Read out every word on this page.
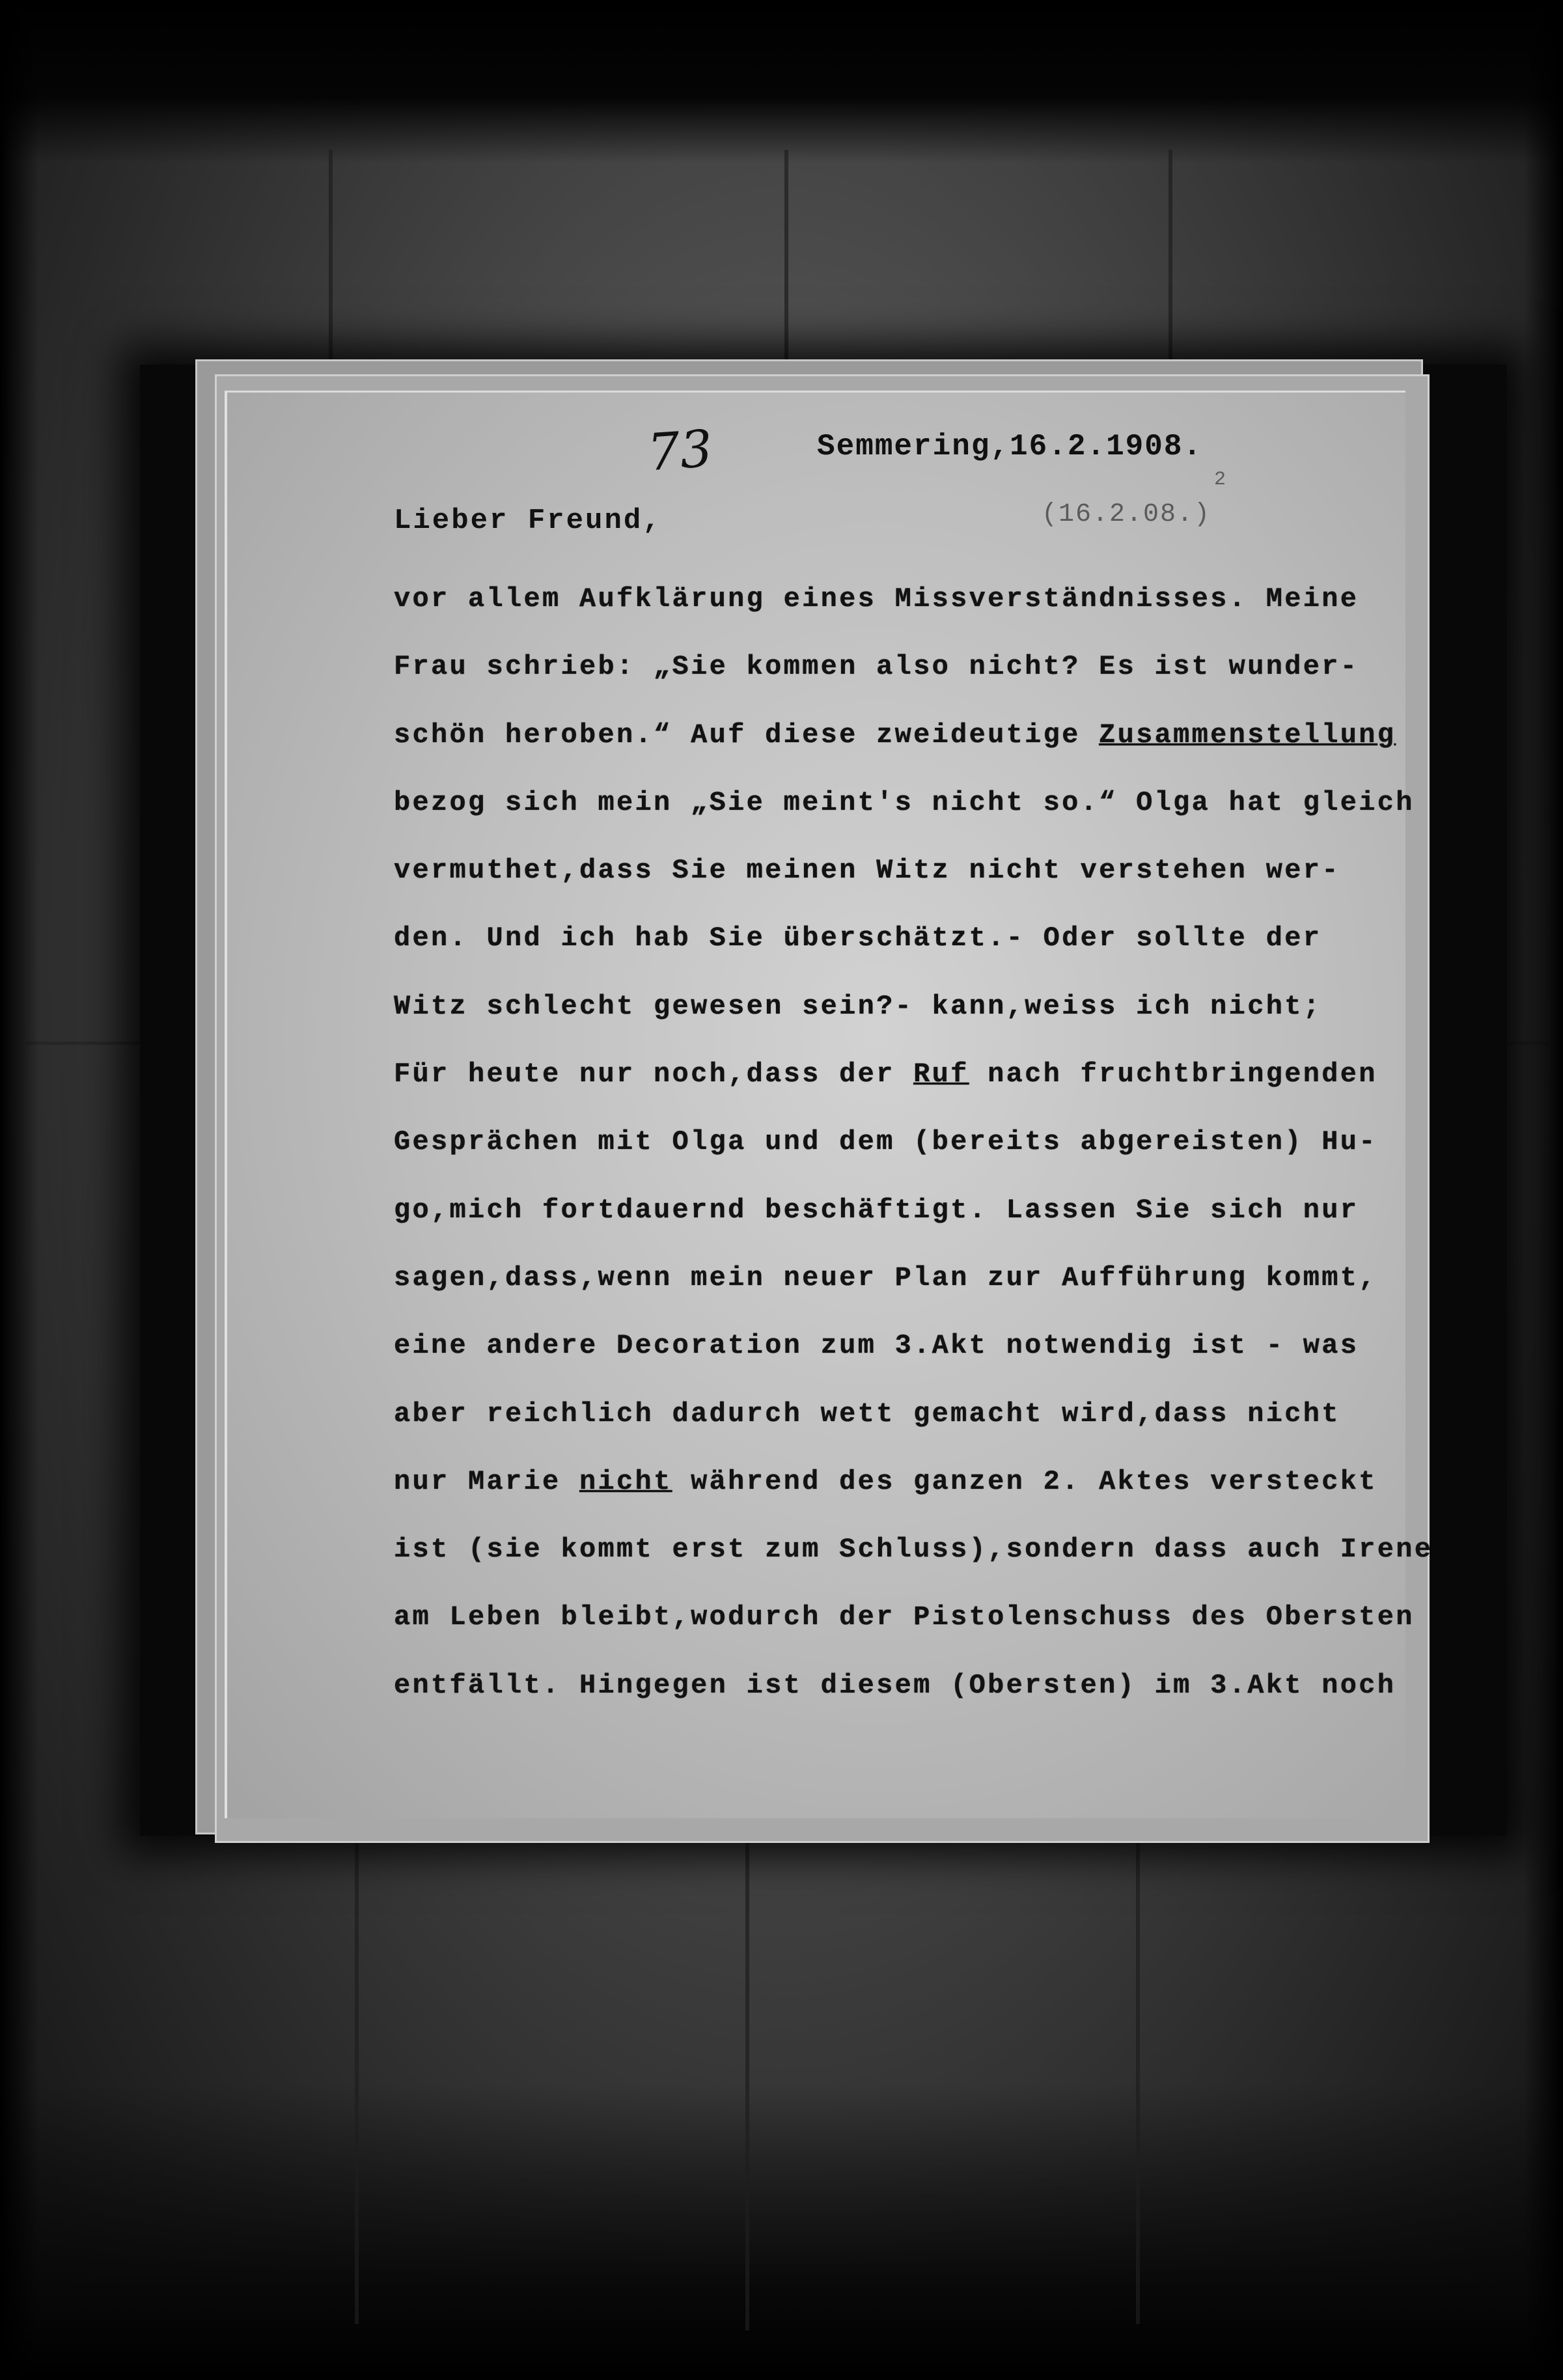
73	Semmering,16.2.1908.
2
(16.2.08.)
Lieber Freund,
vor allem Aufklärung eines Missverständnisses. Meine
Frau schrieb: „Sie kommen also nicht? Es ist wunder-
schön heroben.“ Auf diese zweideutige Zusammenstellung
bezog sich mein „Sie meint's nicht so.“ Olga hat gleich
vermuthet,dass Sie meinen Witz nicht verstehen wer-
den. Und ich hab Sie überschätzt.- Oder sollte der
Witz schlecht gewesen sein?- kann,weiss ich nicht;
Für heute nur noch,dass der Ruf nach fruchtbringenden
Gesprächen mit Olga und dem (bereits abgereisten) Hu-
go,mich fortdauernd beschäftigt. Lassen Sie sich nur
sagen,dass,wenn mein neuer Plan zur Aufführung kommt,
eine andere Decoration zum 3.Akt notwendig ist - was
aber reichlich dadurch wett gemacht wird,dass nicht
nur Marie nicht während des ganzen 2. Aktes versteckt
ist (sie kommt erst zum Schluss),sondern dass auch Irene
am Leben bleibt,wodurch der Pistolenschuss des Obersten
entfällt. Hingegen ist diesem (Obersten) im 3.Akt noch
